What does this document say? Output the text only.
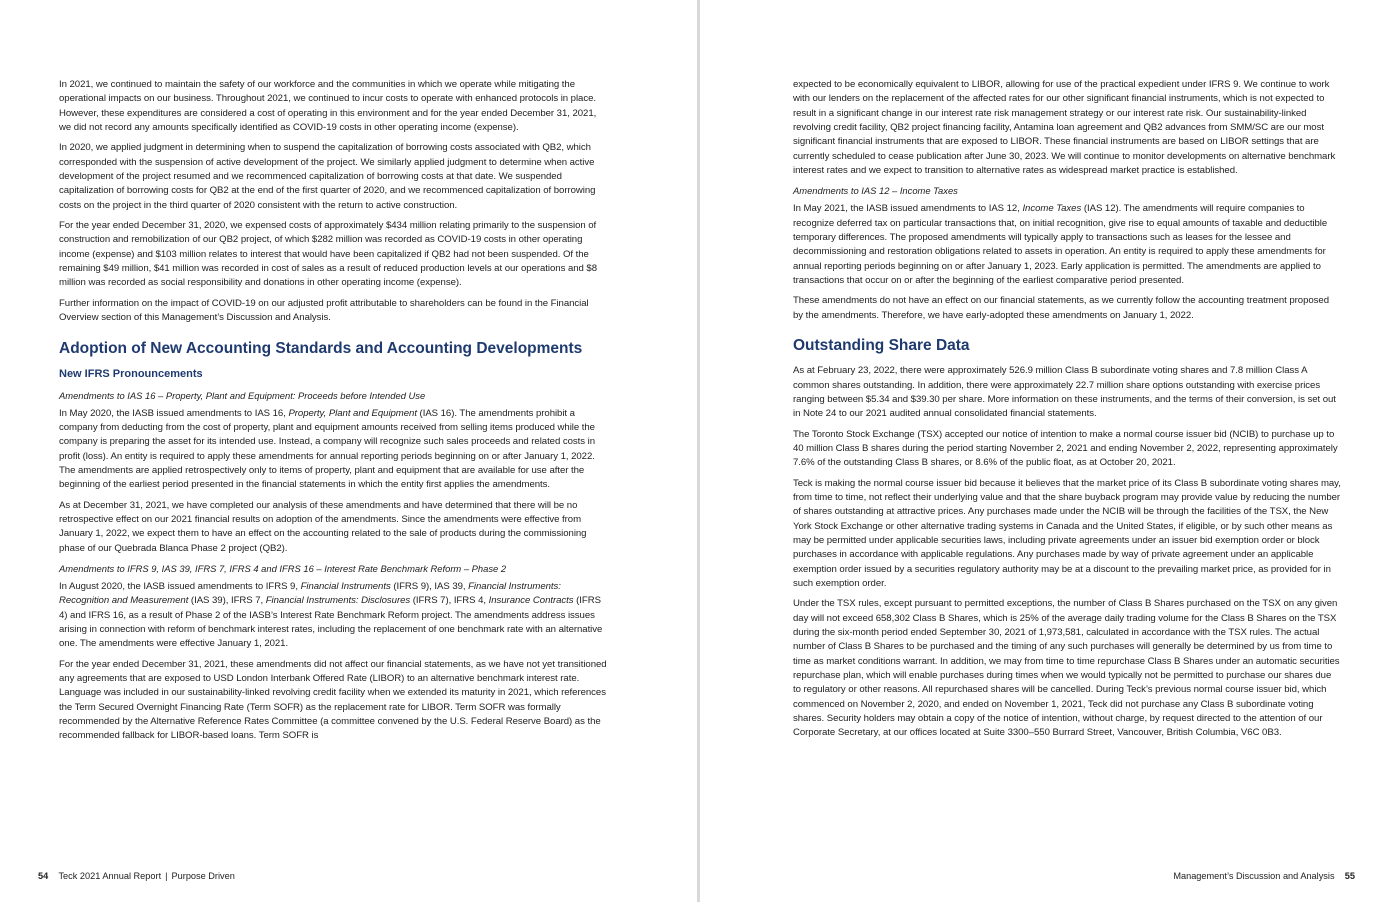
In 2021, we continued to maintain the safety of our workforce and the communities in which we operate while mitigating the operational impacts on our business. Throughout 2021, we continued to incur costs to operate with enhanced protocols in place. However, these expenditures are considered a cost of operating in this environment and for the year ended December 31, 2021, we did not record any amounts specifically identified as COVID-19 costs in other operating income (expense).

In 2020, we applied judgment in determining when to suspend the capitalization of borrowing costs associated with QB2, which corresponded with the suspension of active development of the project. We similarly applied judgment to determine when active development of the project resumed and we recommenced capitalization of borrowing costs at that date. We suspended capitalization of borrowing costs for QB2 at the end of the first quarter of 2020, and we recommenced capitalization of borrowing costs on the project in the third quarter of 2020 consistent with the return to active construction.

For the year ended December 31, 2020, we expensed costs of approximately $434 million relating primarily to the suspension of construction and remobilization of our QB2 project, of which $282 million was recorded as COVID-19 costs in other operating income (expense) and $103 million relates to interest that would have been capitalized if QB2 had not been suspended. Of the remaining $49 million, $41 million was recorded in cost of sales as a result of reduced production levels at our operations and $8 million was recorded as social responsibility and donations in other operating income (expense).

Further information on the impact of COVID-19 on our adjusted profit attributable to shareholders can be found in the Financial Overview section of this Management’s Discussion and Analysis.

Adoption of New Accounting Standards and Accounting Developments
New IFRS Pronouncements

Amendments to IAS 16 – Property, Plant and Equipment: Proceeds before Intended Use

In May 2020, the IASB issued amendments to IAS 16, Property, Plant and Equipment (IAS 16). The amendments prohibit a company from deducting from the cost of property, plant and equipment amounts received from selling items produced while the company is preparing the asset for its intended use. Instead, a company will recognize such sales proceeds and related costs in profit (loss). An entity is required to apply these amendments for annual reporting periods beginning on or after January 1, 2022. The amendments are applied retrospectively only to items of property, plant and equipment that are available for use after the beginning of the earliest period presented in the financial statements in which the entity first applies the amendments.

As at December 31, 2021, we have completed our analysis of these amendments and have determined that there will be no retrospective effect on our 2021 financial results on adoption of the amendments. Since the amendments were effective from January 1, 2022, we expect them to have an effect on the accounting related to the sale of products during the commissioning phase of our Quebrada Blanca Phase 2 project (QB2).

Amendments to IFRS 9, IAS 39, IFRS 7, IFRS 4 and IFRS 16 – Interest Rate Benchmark Reform – Phase 2

In August 2020, the IASB issued amendments to IFRS 9, Financial Instruments (IFRS 9), IAS 39, Financial Instruments: Recognition and Measurement (IAS 39), IFRS 7, Financial Instruments: Disclosures (IFRS 7), IFRS 4, Insurance Contracts (IFRS 4) and IFRS 16, as a result of Phase 2 of the IASB’s Interest Rate Benchmark Reform project. The amendments address issues arising in connection with reform of benchmark interest rates, including the replacement of one benchmark rate with an alternative one. The amendments were effective January 1, 2021.

For the year ended December 31, 2021, these amendments did not affect our financial statements, as we have not yet transitioned any agreements that are exposed to USD London Interbank Offered Rate (LIBOR) to an alternative benchmark interest rate. Language was included in our sustainability-linked revolving credit facility when we extended its maturity in 2021, which references the Term Secured Overnight Financing Rate (Term SOFR) as the replacement rate for LIBOR. Term SOFR was formally recommended by the Alternative Reference Rates Committee (a committee convened by the U.S. Federal Reserve Board) as the recommended fallback for LIBOR-based loans. Term SOFR is

54 Teck 2021 Annual Report | Purpose Driven

expected to be economically equivalent to LIBOR, allowing for use of the practical expedient under IFRS 9. We continue to work with our lenders on the replacement of the affected rates for our other significant financial instruments, which is not expected to result in a significant change in our interest rate risk management strategy or our interest rate risk. Our sustainability-linked revolving credit facility, QB2 project financing facility, Antamina loan agreement and QB2 advances from SMM/SC are our most significant financial instruments that are exposed to LIBOR. These financial instruments are based on LIBOR settings that are currently scheduled to cease publication after June 30, 2023. We will continue to monitor developments on alternative benchmark interest rates and we expect to transition to alternative rates as widespread market practice is established.

Amendments to IAS 12 – Income Taxes

In May 2021, the IASB issued amendments to IAS 12, Income Taxes (IAS 12). The amendments will require companies to recognize deferred tax on particular transactions that, on initial recognition, give rise to equal amounts of taxable and deductible temporary differences. The proposed amendments will typically apply to transactions such as leases for the lessee and decommissioning and restoration obligations related to assets in operation. An entity is required to apply these amendments for annual reporting periods beginning on or after January 1, 2023. Early application is permitted. The amendments are applied to transactions that occur on or after the beginning of the earliest comparative period presented.

These amendments do not have an effect on our financial statements, as we currently follow the accounting treatment proposed by the amendments. Therefore, we have early-adopted these amendments on January 1, 2022.

Outstanding Share Data

As at February 23, 2022, there were approximately 526.9 million Class B subordinate voting shares and 7.8 million Class A common shares outstanding. In addition, there were approximately 22.7 million share options outstanding with exercise prices ranging between $5.34 and $39.30 per share. More information on these instruments, and the terms of their conversion, is set out in Note 24 to our 2021 audited annual consolidated financial statements.

The Toronto Stock Exchange (TSX) accepted our notice of intention to make a normal course issuer bid (NCIB) to purchase up to 40 million Class B shares during the period starting November 2, 2021 and ending November 2, 2022, representing approximately 7.6% of the outstanding Class B shares, or 8.6% of the public float, as at October 20, 2021.

Teck is making the normal course issuer bid because it believes that the market price of its Class B subordinate voting shares may, from time to time, not reflect their underlying value and that the share buyback program may provide value by reducing the number of shares outstanding at attractive prices. Any purchases made under the NCIB will be through the facilities of the TSX, the New York Stock Exchange or other alternative trading systems in Canada and the United States, if eligible, or by such other means as may be permitted under applicable securities laws, including private agreements under an issuer bid exemption order or block purchases in accordance with applicable regulations. Any purchases made by way of private agreement under an applicable exemption order issued by a securities regulatory authority may be at a discount to the prevailing market price, as provided for in such exemption order.

Under the TSX rules, except pursuant to permitted exceptions, the number of Class B Shares purchased on the TSX on any given day will not exceed 658,302 Class B Shares, which is 25% of the average daily trading volume for the Class B Shares on the TSX during the six-month period ended September 30, 2021 of 1,973,581, calculated in accordance with the TSX rules. The actual number of Class B Shares to be purchased and the timing of any such purchases will generally be determined by us from time to time as market conditions warrant. In addition, we may from time to time repurchase Class B Shares under an automatic securities repurchase plan, which will enable purchases during times when we would typically not be permitted to purchase our shares due to regulatory or other reasons. All repurchased shares will be cancelled. During Teck’s previous normal course issuer bid, which commenced on November 2, 2020, and ended on November 1, 2021, Teck did not purchase any Class B subordinate voting shares. Security holders may obtain a copy of the notice of intention, without charge, by request directed to the attention of our Corporate Secretary, at our offices located at Suite 3300–550 Burrard Street, Vancouver, British Columbia, V6C 0B3.

Management’s Discussion and Analysis 55
